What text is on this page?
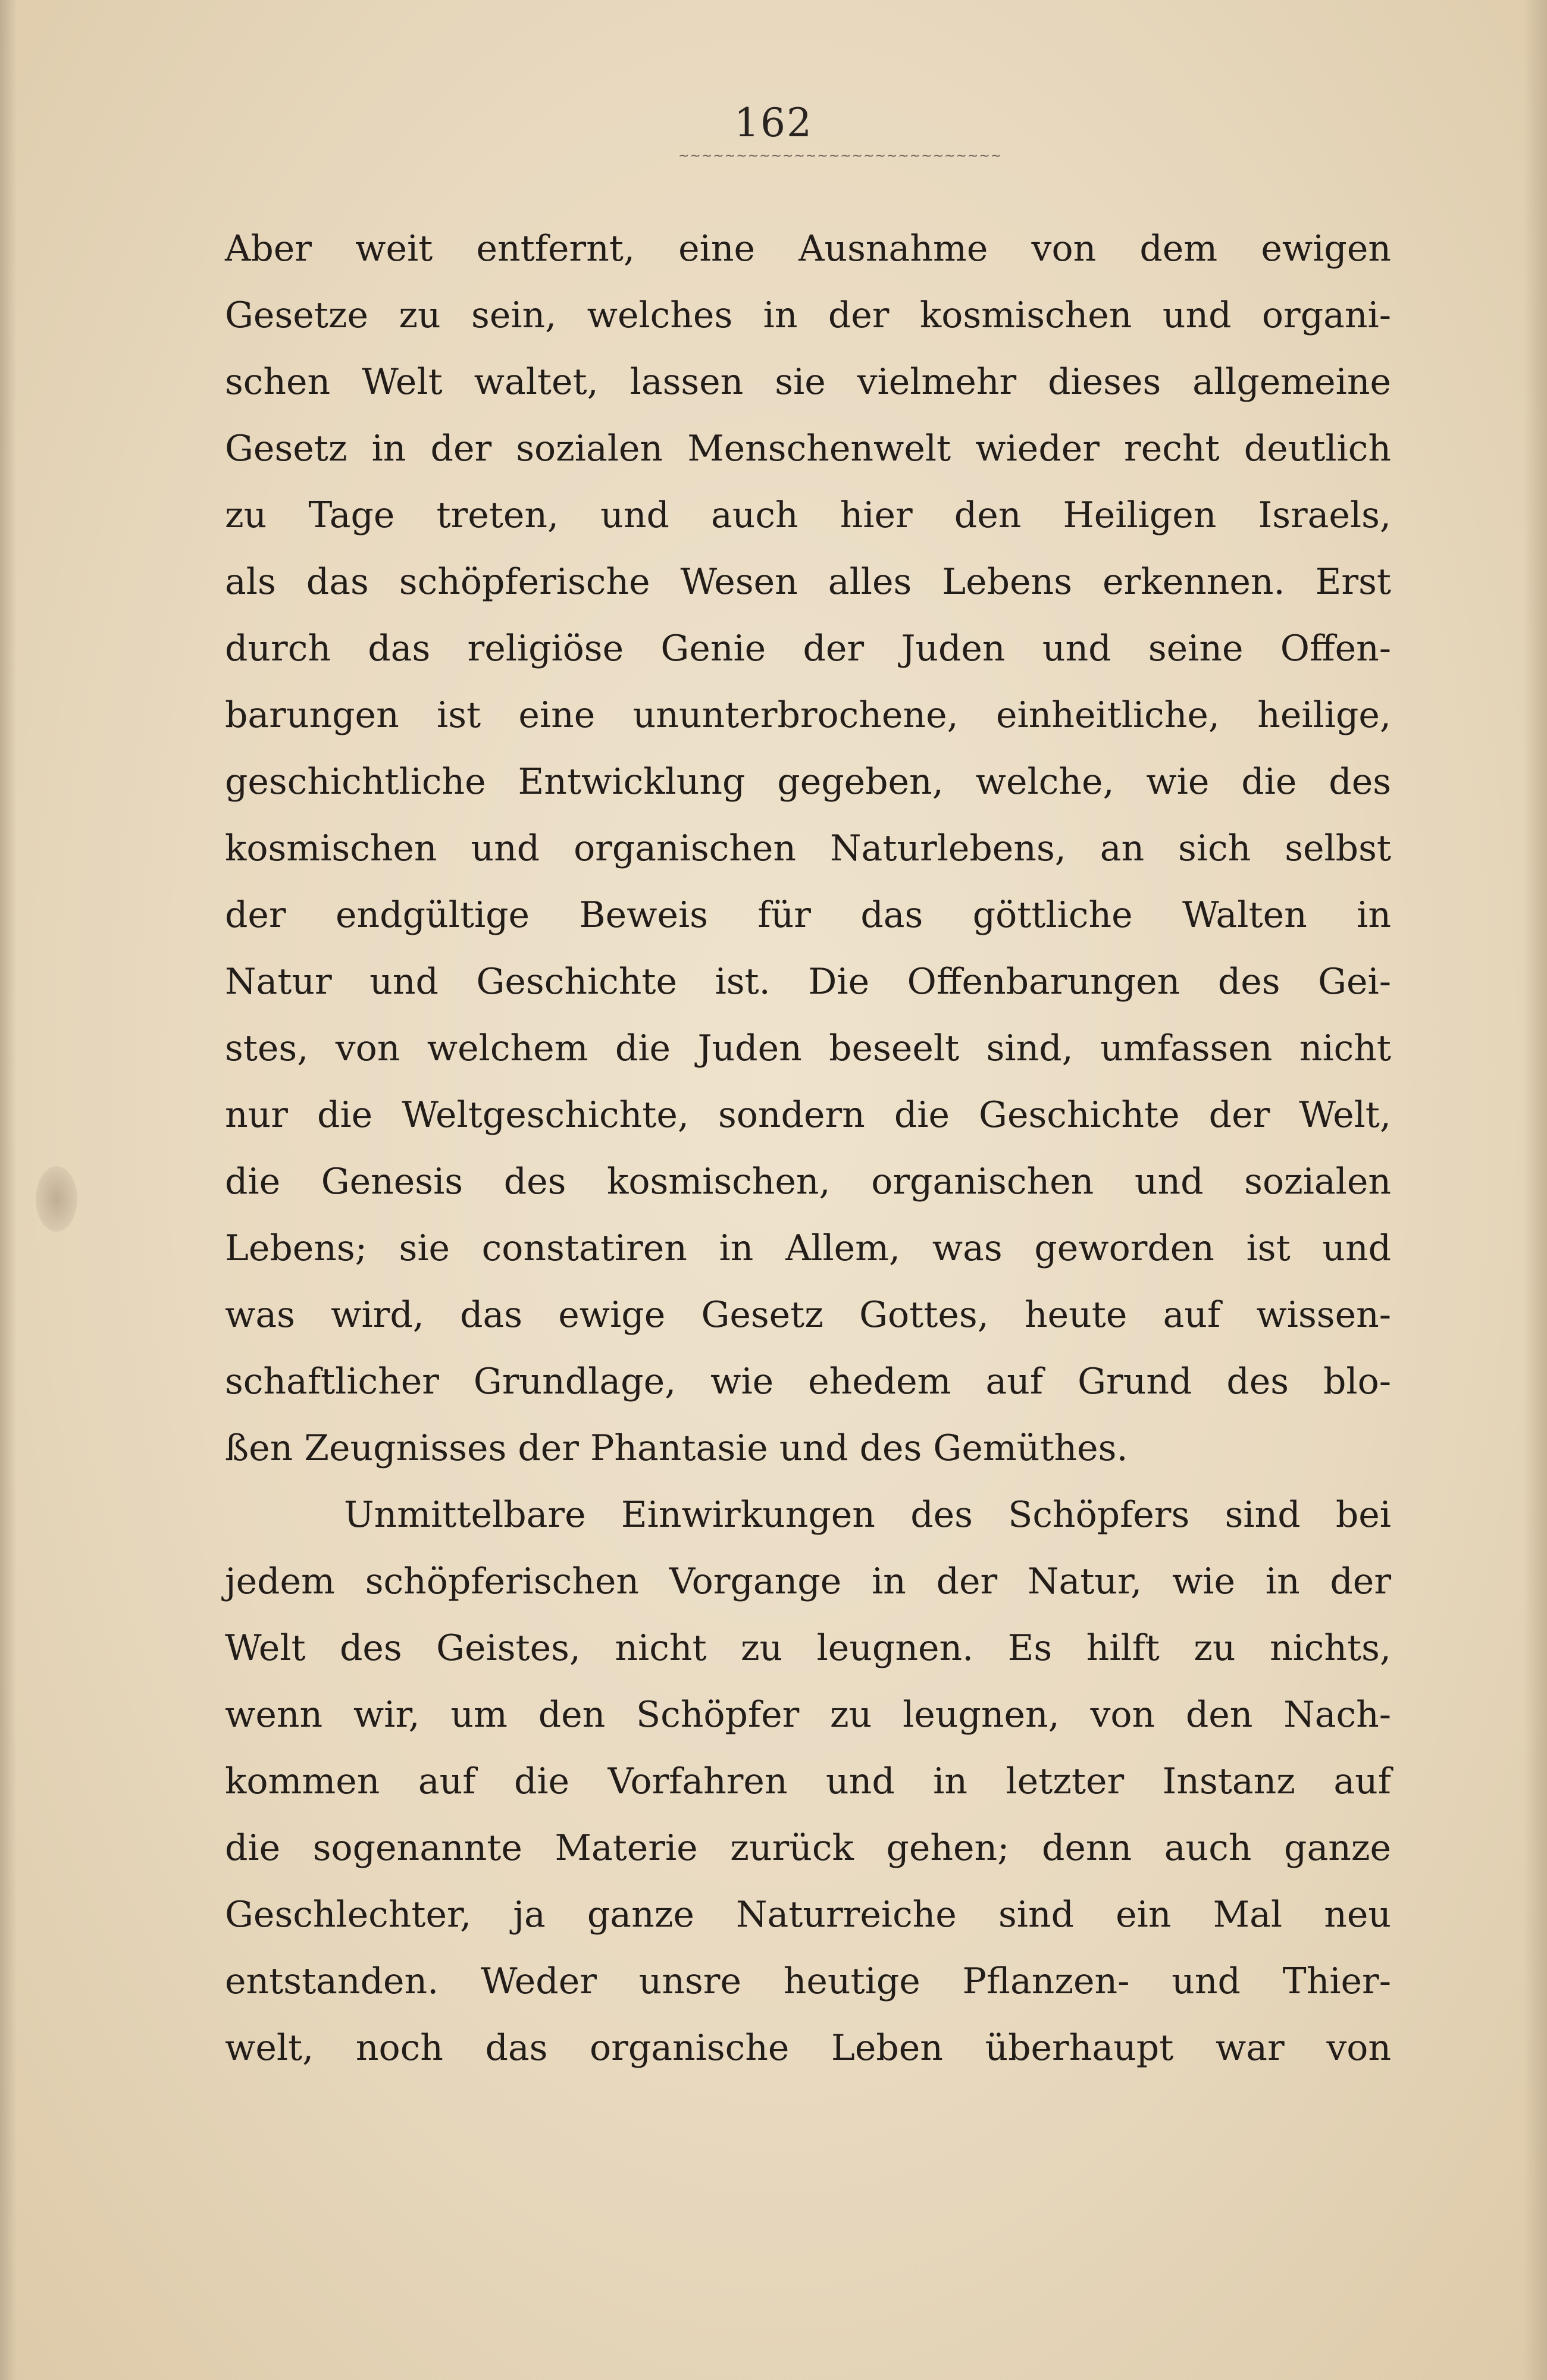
162
~~~~~~~~~~~~~~~~~~~~~~~~~~~~
Aber weit entfernt, eine Ausnahme von dem ewigen
Gesetze zu sein, welches in der kosmischen und organi-
schen Welt waltet, lassen sie vielmehr dieses allgemeine
Gesetz in der sozialen Menschenwelt wieder recht deutlich
zu Tage treten, und auch hier den Heiligen Israels,
als das schöpferische Wesen alles Lebens erkennen. Erst
durch das religiöse Genie der Juden und seine Offen-
barungen ist eine ununterbrochene, einheitliche, heilige,
geschichtliche Entwicklung gegeben, welche, wie die des
kosmischen und organischen Naturlebens, an sich selbst
der endgültige Beweis für das göttliche Walten in
Natur und Geschichte ist. Die Offenbarungen des Gei-
stes, von welchem die Juden beseelt sind, umfassen nicht
nur die Weltgeschichte, sondern die Geschichte der Welt,
die Genesis des kosmischen, organischen und sozialen
Lebens; sie constatiren in Allem, was geworden ist und
was wird, das ewige Gesetz Gottes, heute auf wissen-
schaftlicher Grundlage, wie ehedem auf Grund des blo-
ßen Zeugnisses der Phantasie und des Gemüthes.
Unmittelbare Einwirkungen des Schöpfers sind bei
jedem schöpferischen Vorgange in der Natur, wie in der
Welt des Geistes, nicht zu leugnen. Es hilft zu nichts,
wenn wir, um den Schöpfer zu leugnen, von den Nach-
kommen auf die Vorfahren und in letzter Instanz auf
die sogenannte Materie zurück gehen; denn auch ganze
Geschlechter, ja ganze Naturreiche sind ein Mal neu
entstanden. Weder unsre heutige Pflanzen- und Thier-
welt, noch das organische Leben überhaupt war von
